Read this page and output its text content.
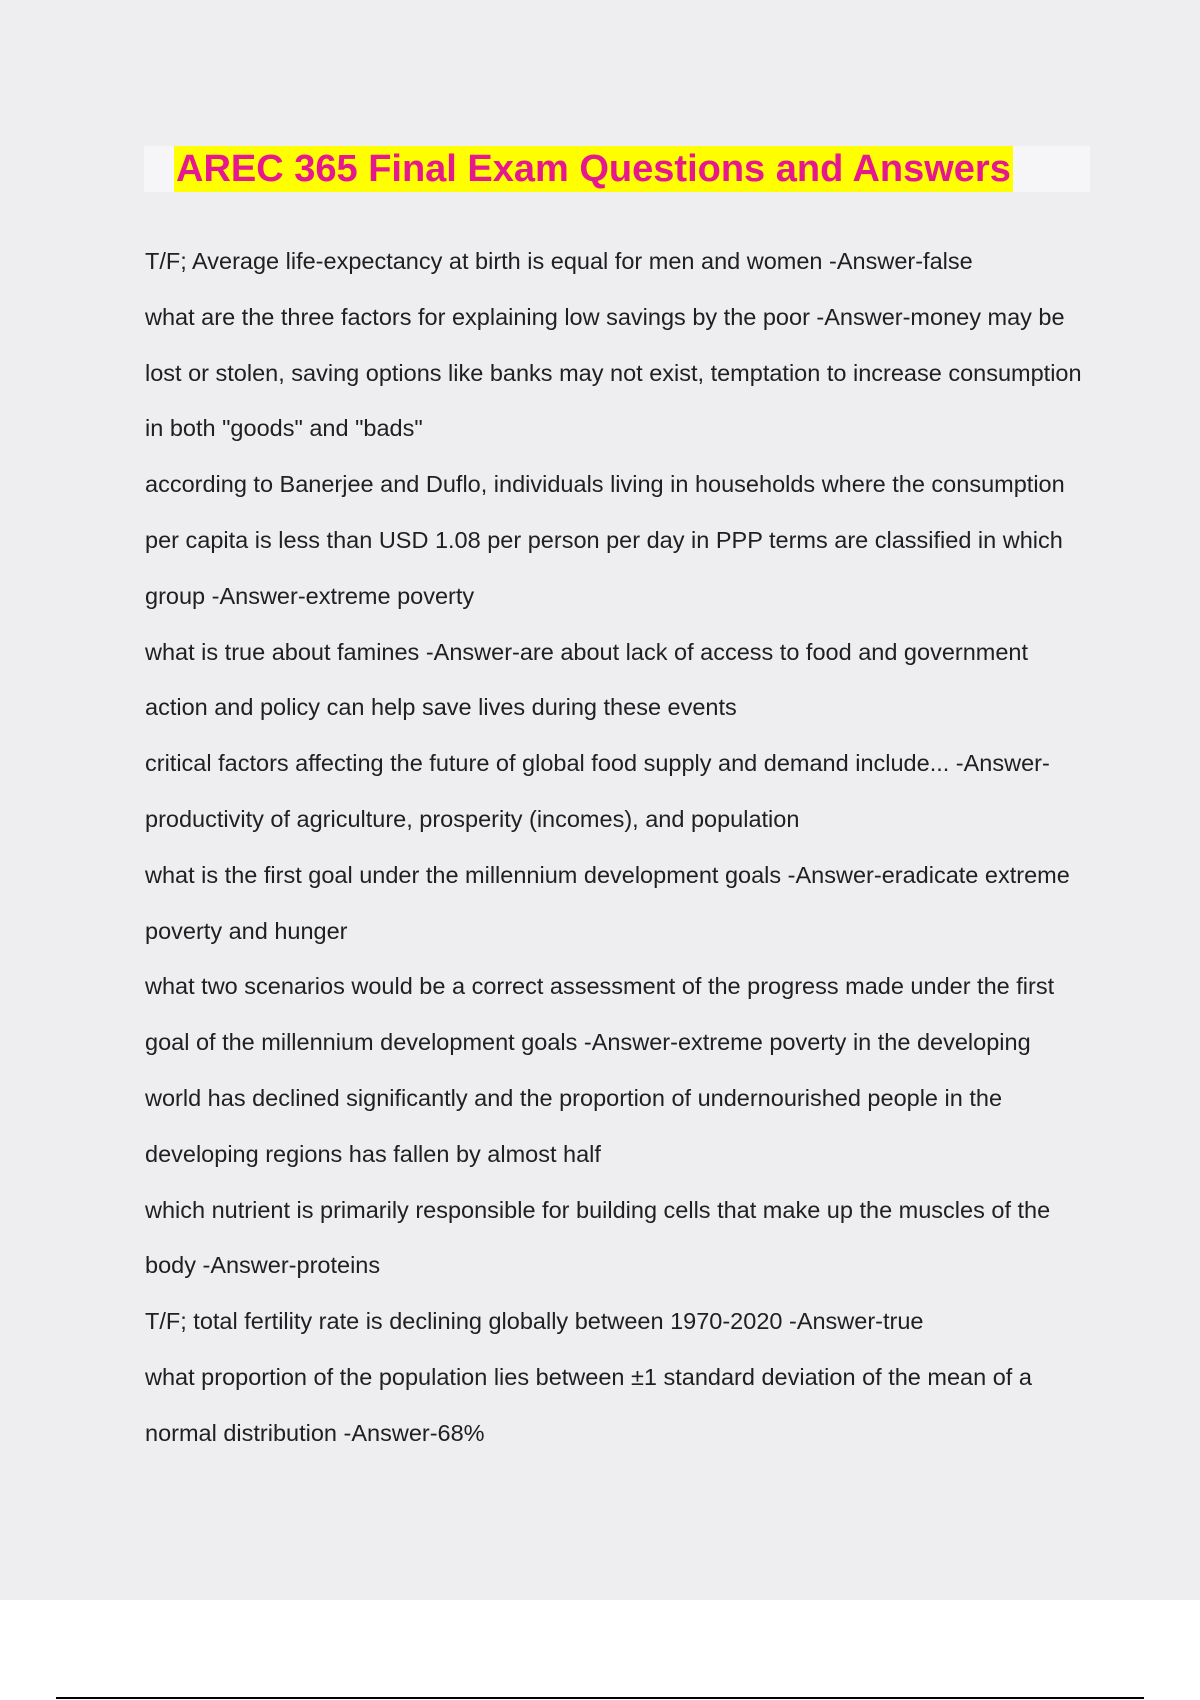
AREC 365 Final Exam Questions and Answers

T/F; Average life-expectancy at birth is equal for men and women -Answer-false

what are the three factors for explaining low savings by the poor -Answer-money may be lost or stolen, saving options like banks may not exist, temptation to increase consumption in both "goods" and "bads"

according to Banerjee and Duflo, individuals living in households where the consumption per capita is less than USD 1.08 per person per day in PPP terms are classified in which group -Answer-extreme poverty

what is true about famines -Answer-are about lack of access to food and government action and policy can help save lives during these events

critical factors affecting the future of global food supply and demand include... -Answer-productivity of agriculture, prosperity (incomes), and population

what is the first goal under the millennium development goals -Answer-eradicate extreme poverty and hunger

what two scenarios would be a correct assessment of the progress made under the first goal of the millennium development goals -Answer-extreme poverty in the developing world has declined significantly and the proportion of undernourished people in the developing regions has fallen by almost half

which nutrient is primarily responsible for building cells that make up the muscles of the body -Answer-proteins

T/F; total fertility rate is declining globally between 1970-2020 -Answer-true

what proportion of the population lies between ±1 standard deviation of the mean of a normal distribution -Answer-68%
